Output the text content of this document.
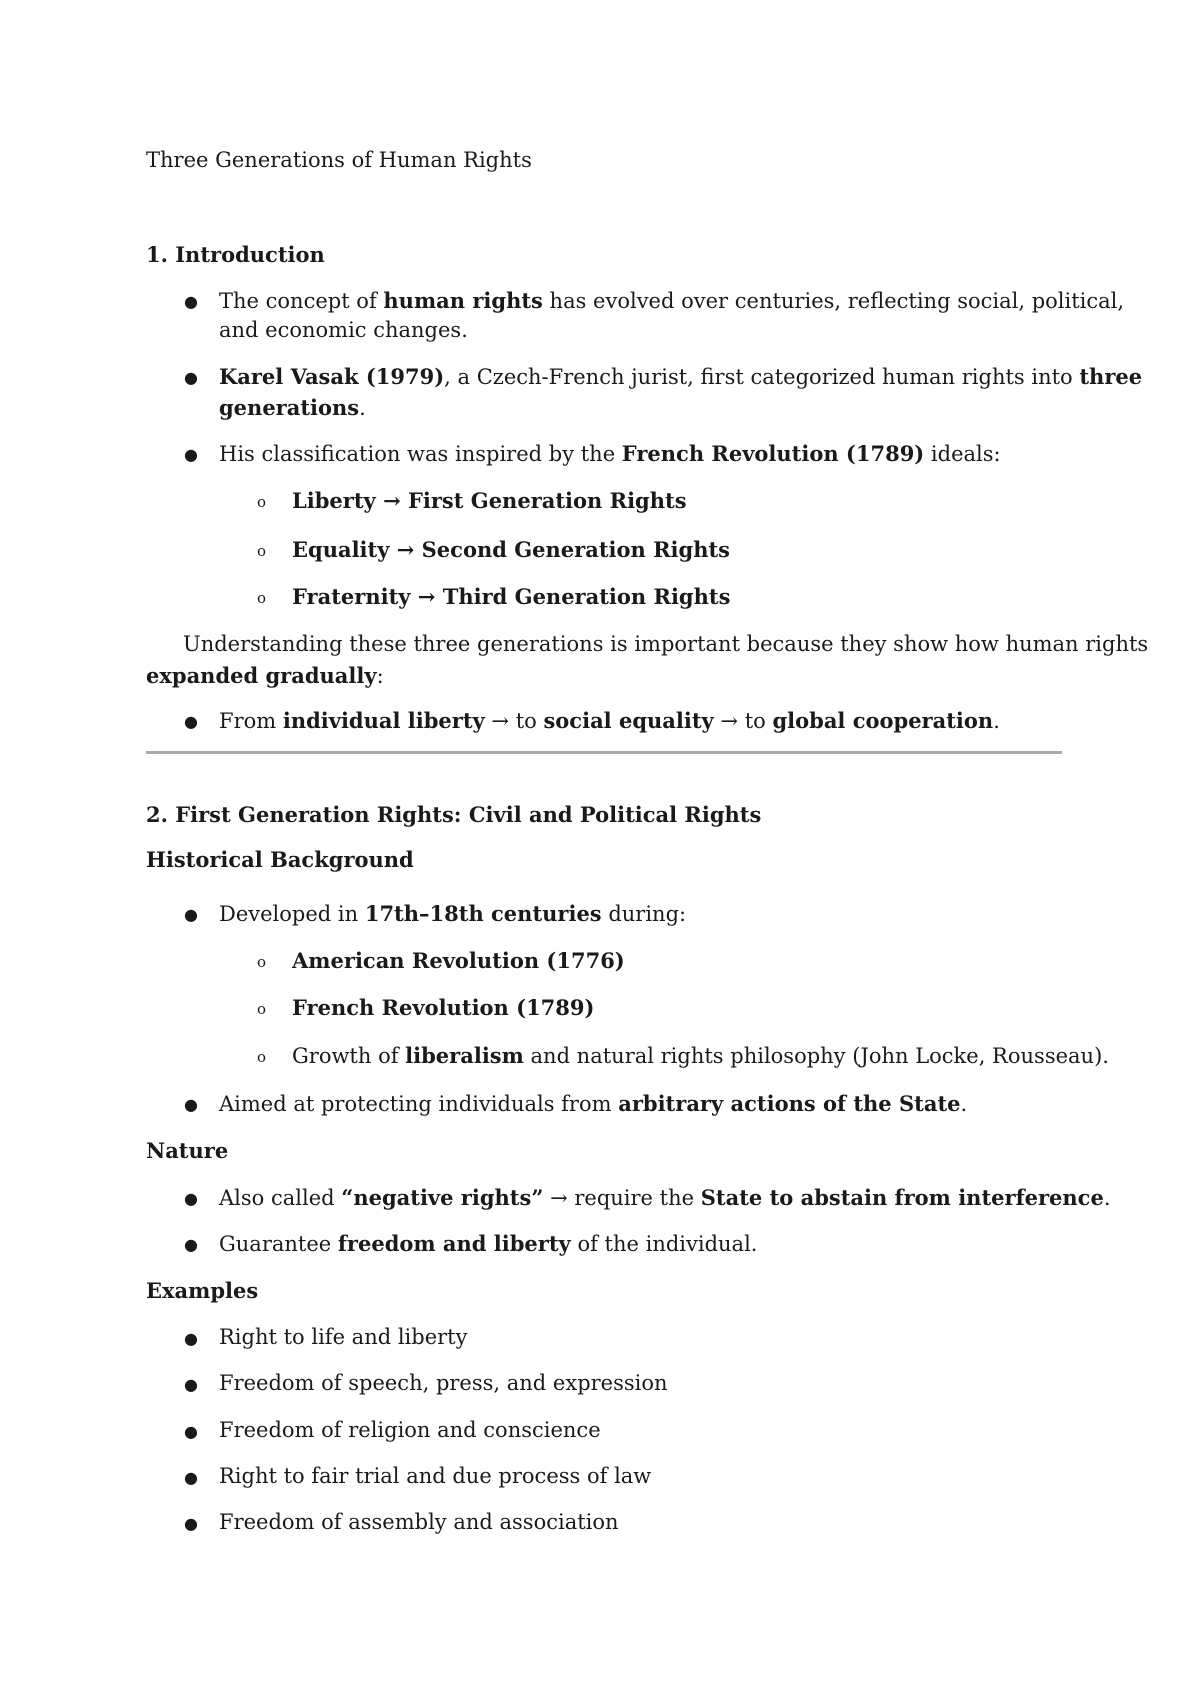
Three Generations of Human Rights

1. Introduction

● The concept of human rights has evolved over centuries, reflecting social, political,

and economic changes.

● Karel Vasak (1979), a Czech-French jurist, first categorized human rights into three

generations.

● His classification was inspired by the French Revolution (1789) ideals:

o Liberty → First Generation Rights

o Equality → Second Generation Rights

o Fraternity → Third Generation Rights

Understanding these three generations is important because they show how human rights

expanded gradually:

● From individual liberty → to social equality → to global cooperation.

2. First Generation Rights: Civil and Political Rights

Historical Background

● Developed in 17th–18th centuries during:

o American Revolution (1776)

o French Revolution (1789)

o Growth of liberalism and natural rights philosophy (John Locke, Rousseau).

● Aimed at protecting individuals from arbitrary actions of the State.

Nature

● Also called “negative rights” → require the State to abstain from interference.

● Guarantee freedom and liberty of the individual.

Examples

● Right to life and liberty

● Freedom of speech, press, and expression

● Freedom of religion and conscience

● Right to fair trial and due process of law

● Freedom of assembly and association
